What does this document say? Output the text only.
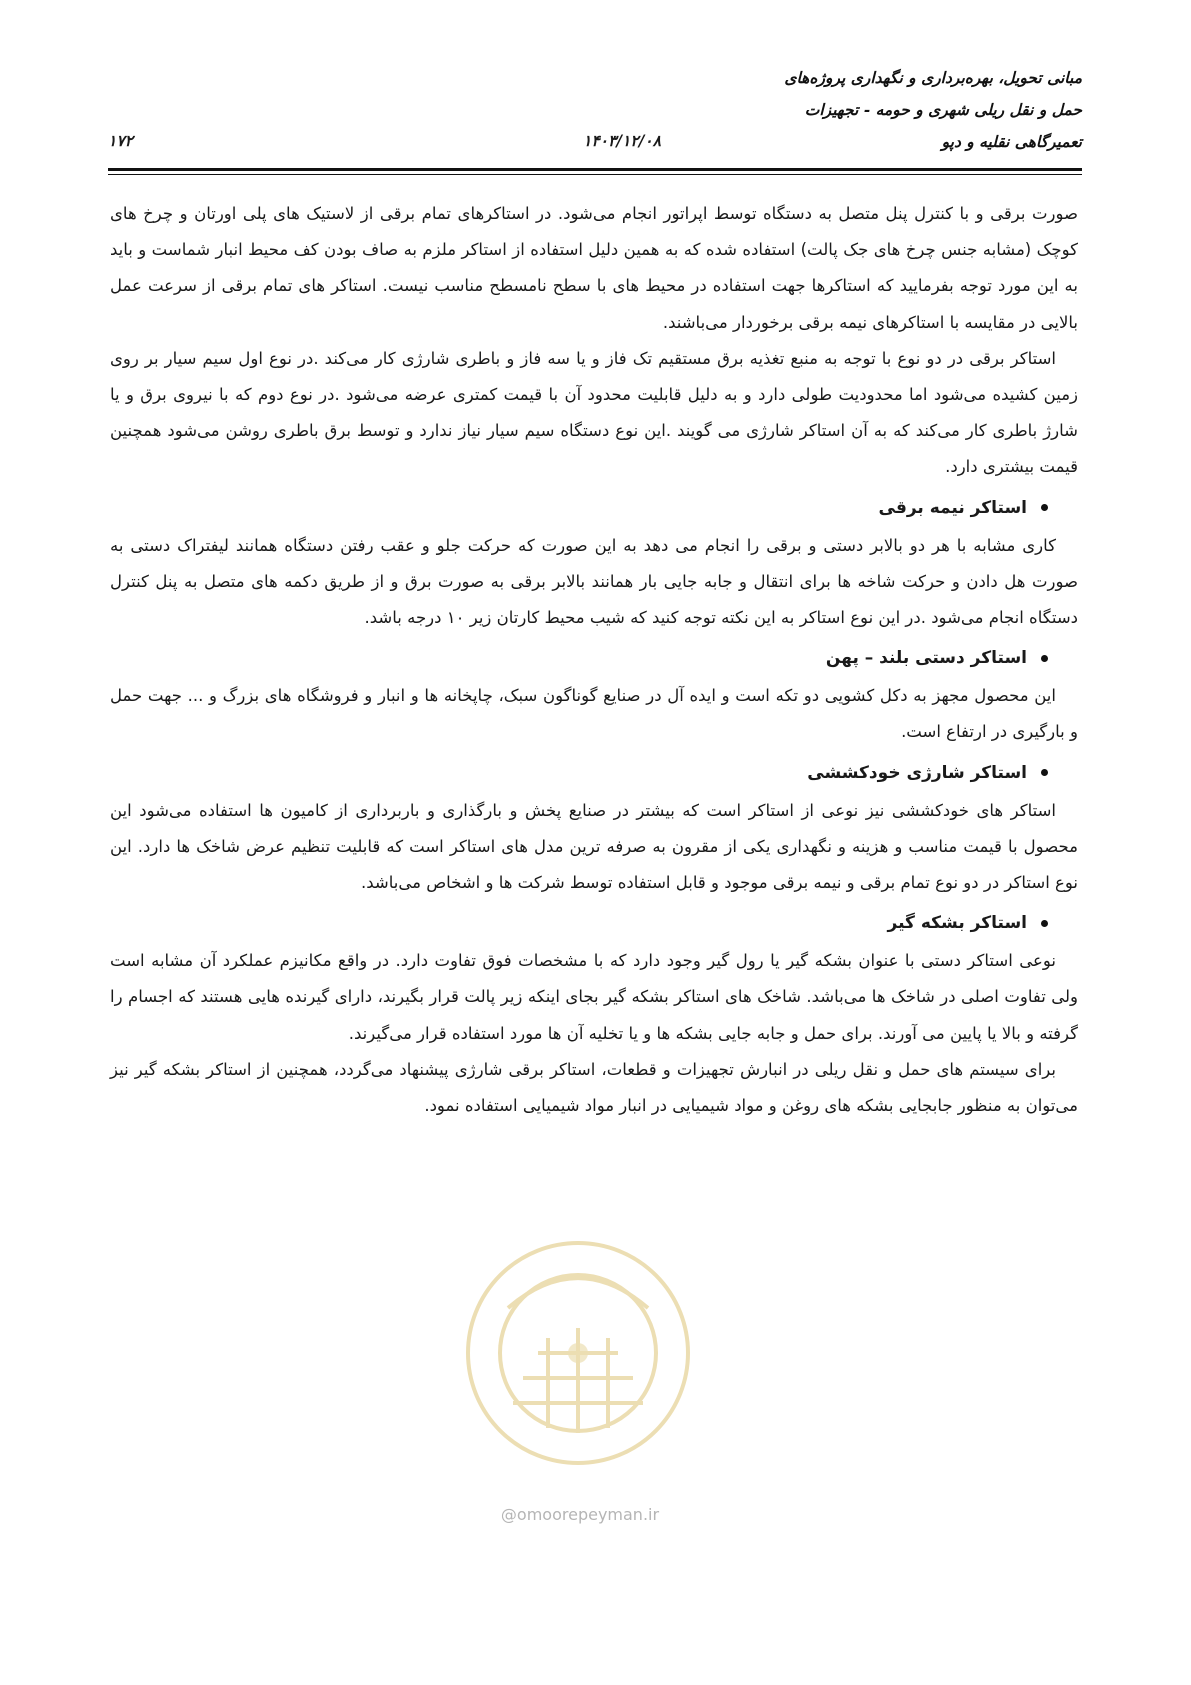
مبانی تحویل، بهره‌برداری و نگهداری پروژه‌های
حمل و نقل ریلی شهری و حومه - تجهیزات
تعمیرگاهی نقلیه و دپو
۱۴۰۳/۱۲/۰۸
۱۷۲

صورت برقی و با کنترل پنل متصل به دستگاه توسط اپراتور انجام می‌شود. در استاکرهای تمام برقی از لاستیک های پلی اورتان و چرخ های کوچک (مشابه جنس چرخ های جک پالت) استفاده شده که به همین دلیل استفاده از استاکر ملزم به صاف بودن کف محیط انبار شماست و باید به این مورد توجه بفرمایید که استاکرها جهت استفاده در محیط های با سطح نامسطح مناسب نیست. استاکر های تمام برقی از سرعت عمل بالایی در مقایسه با استاکرهای نیمه برقی برخوردار می‌باشند.

استاکر برقی در دو نوع با توجه به منبع تغذیه برق مستقیم تک فاز و یا سه فاز و باطری شارژی کار می‌کند .در نوع اول سیم سیار بر روی زمین کشیده می‌شود اما محدودیت طولی دارد و به دلیل قابلیت محدود آن با قیمت کمتری عرضه می‌شود .در نوع دوم که با نیروی برق و یا شارژ باطری کار می‌کند که به آن استاکر شارژی می گویند .این نوع دستگاه سیم سیار نیاز ندارد و توسط برق باطری روشن می‌شود همچنین قیمت بیشتری دارد.

استاکر نیمه برقی

کاری مشابه با هر دو بالابر دستی و برقی را انجام می دهد به این صورت که حرکت جلو و عقب رفتن دستگاه همانند لیفتراک دستی به صورت هل دادن و حرکت شاخه ها برای انتقال و جابه جایی بار همانند بالابر برقی به صورت برق و از طریق دکمه های متصل به پنل کنترل دستگاه انجام می‌شود .در این نوع استاکر به این نکته توجه کنید که شیب محیط کارتان زیر ۱۰ درجه باشد.

استاکر دستی بلند – پهن

این محصول مجهز به دکل کشویی دو تکه است و ایده آل در صنایع گوناگون سبک، چاپخانه ها و انبار و فروشگاه های بزرگ و ... جهت حمل و بارگیری در ارتفاع است.

استاکر شارژی خودکششی

استاکر های خودکششی نیز نوعی از استاکر است که بیشتر در صنایع پخش و بارگذاری و باربرداری از کامیون ها استفاده می‌شود این محصول با قیمت مناسب و هزینه و نگهداری یکی از مقرون به صرفه ترین مدل های استاکر است که قابلیت تنظیم عرض شاخک ها دارد. این نوع استاکر در دو نوع تمام برقی و نیمه برقی موجود و قابل استفاده توسط شرکت ها و اشخاص می‌باشد.

استاکر بشکه گیر

نوعی استاکر دستی با عنوان بشکه گیر یا رول گیر وجود دارد که با مشخصات فوق تفاوت دارد. در واقع مکانیزم عملکرد آن مشابه است ولی تفاوت اصلی در شاخک ها می‌باشد. شاخک های استاکر بشکه گیر بجای اینکه زیر پالت قرار بگیرند، دارای گیرنده هایی هستند که اجسام را گرفته و بالا یا پایین می آورند. برای حمل و جابه جایی بشکه ها و یا تخلیه آن ها مورد استفاده قرار می‌گیرند.

برای سیستم های حمل و نقل ریلی در انبارش تجهیزات و قطعات، استاکر برقی شارژی پیشنهاد می‌گردد، همچنین از استاکر بشکه گیر نیز می‌توان به منظور جابجایی بشکه های روغن و مواد شیمیایی در انبار مواد شیمیایی استفاده نمود.

@omoorepeyman.ir
